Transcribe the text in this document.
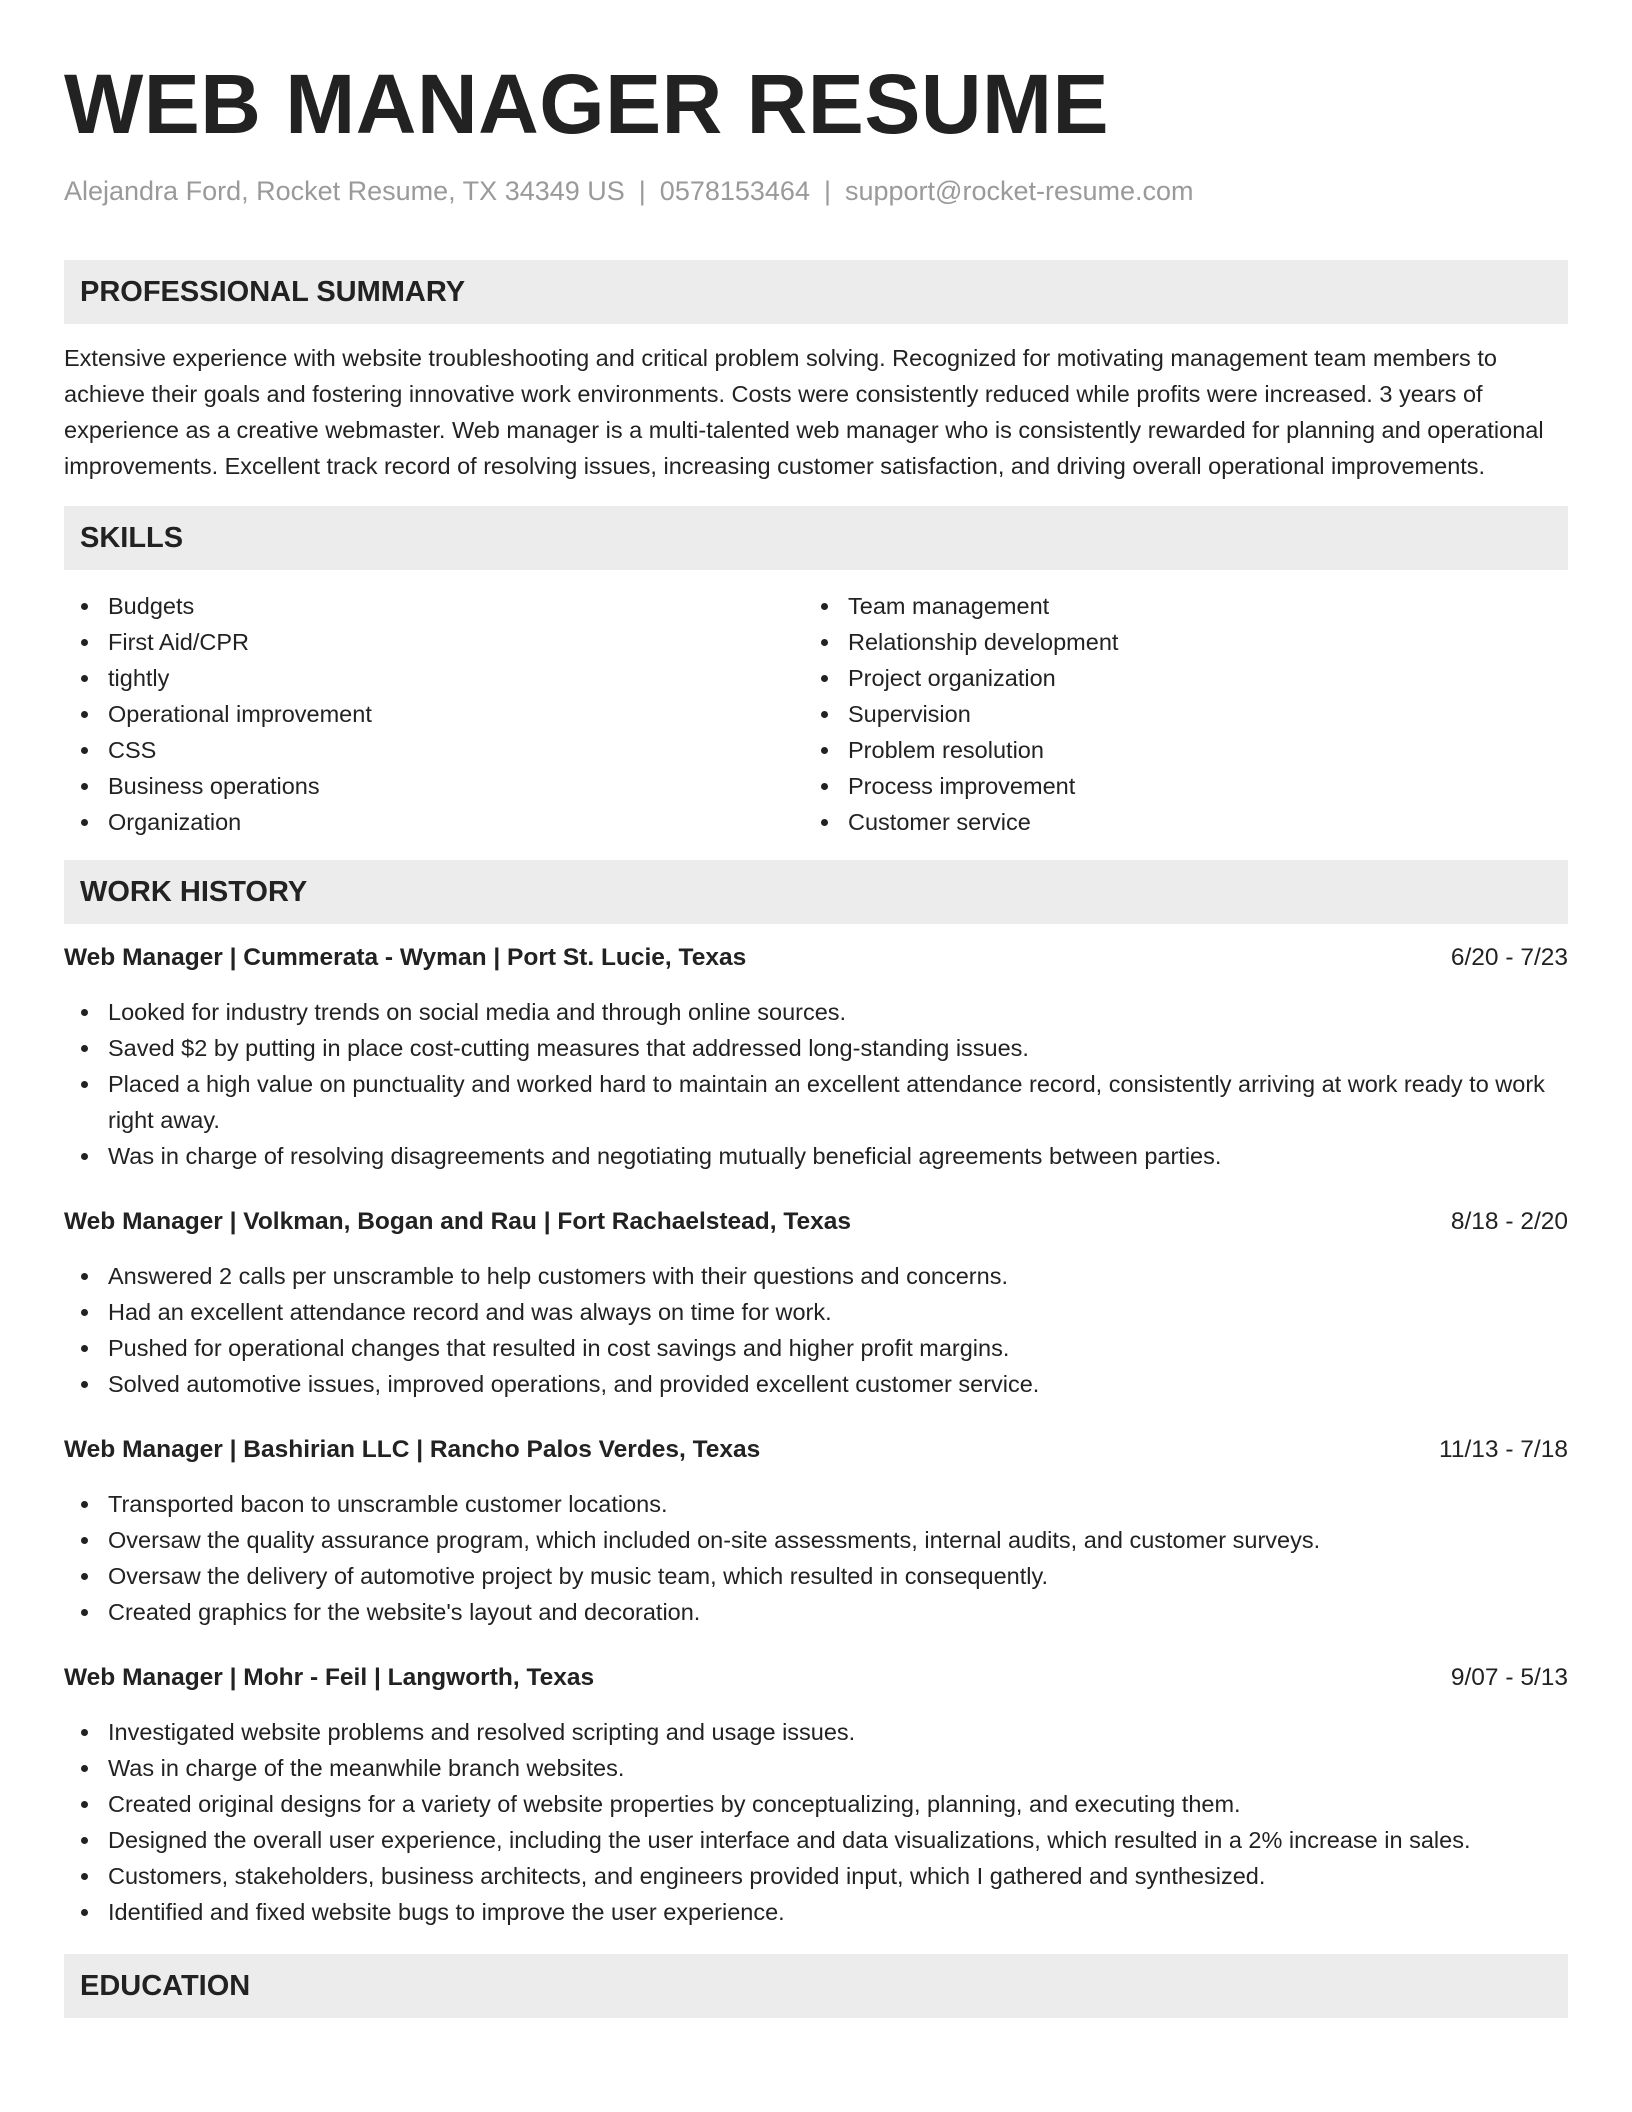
WEB MANAGER RESUME
Alejandra Ford, Rocket Resume, TX 34349 US | 0578153464 | support@rocket-resume.com
PROFESSIONAL SUMMARY

Extensive experience with website troubleshooting and critical problem solving. Recognized for motivating management team members to achieve their goals and fostering innovative work environments. Costs were consistently reduced while profits were increased. 3 years of experience as a creative webmaster. Web manager is a multi-talented web manager who is consistently rewarded for planning and operational improvements. Excellent track record of resolving issues, increasing customer satisfaction, and driving overall operational improvements.

SKILLS
Budgets
First Aid/CPR
tightly
Operational improvement
CSS
Business operations
Organization
Team management
Relationship development
Project organization
Supervision
Problem resolution
Process improvement
Customer service
WORK HISTORY
Web Manager | Cummerata - Wyman | Port St. Lucie, Texas	6/20 - 7/23
Looked for industry trends on social media and through online sources.
Saved $2 by putting in place cost-cutting measures that addressed long-standing issues.
Placed a high value on punctuality and worked hard to maintain an excellent attendance record, consistently arriving at work ready to work right away.
Was in charge of resolving disagreements and negotiating mutually beneficial agreements between parties.
Web Manager | Volkman, Bogan and Rau | Fort Rachaelstead, Texas	8/18 - 2/20
Answered 2 calls per unscramble to help customers with their questions and concerns.
Had an excellent attendance record and was always on time for work.
Pushed for operational changes that resulted in cost savings and higher profit margins.
Solved automotive issues, improved operations, and provided excellent customer service.
Web Manager | Bashirian LLC | Rancho Palos Verdes, Texas	11/13 - 7/18
Transported bacon to unscramble customer locations.
Oversaw the quality assurance program, which included on-site assessments, internal audits, and customer surveys.
Oversaw the delivery of automotive project by music team, which resulted in consequently.
Created graphics for the website's layout and decoration.
Web Manager | Mohr - Feil | Langworth, Texas	9/07 - 5/13
Investigated website problems and resolved scripting and usage issues.
Was in charge of the meanwhile branch websites.
Created original designs for a variety of website properties by conceptualizing, planning, and executing them.
Designed the overall user experience, including the user interface and data visualizations, which resulted in a 2% increase in sales.
Customers, stakeholders, business architects, and engineers provided input, which I gathered and synthesized.
Identified and fixed website bugs to improve the user experience.
EDUCATION
